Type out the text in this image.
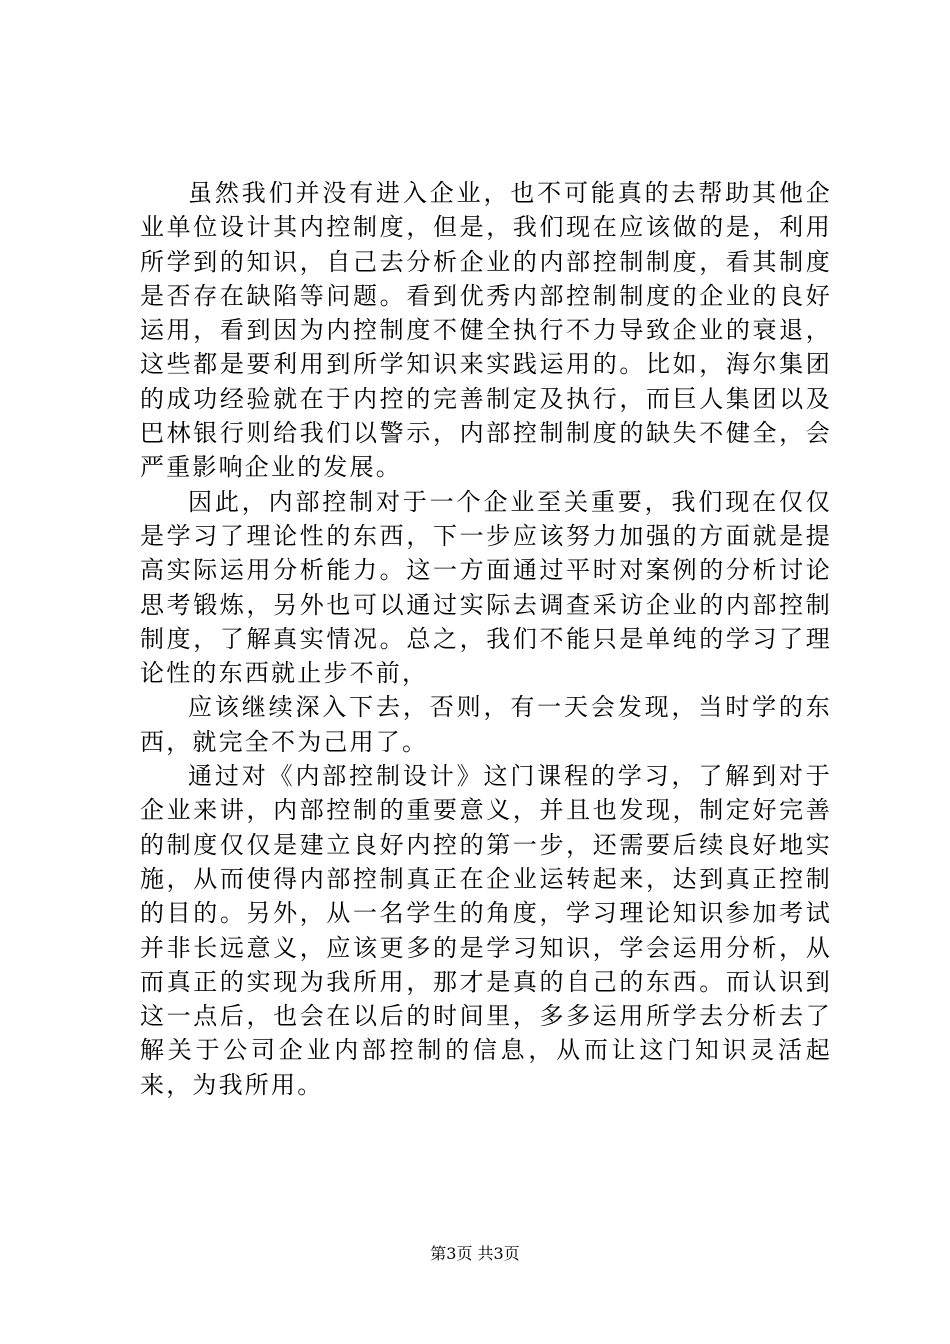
虽然我们并没有进入企业，也不可能真的去帮助其他企业单位设计其内控制度，但是，我们现在应该做的是，利用所学到的知识，自己去分析企业的内部控制制度，看其制度是否存在缺陷等问题。看到优秀内部控制制度的企业的良好运用，看到因为内控制度不健全执行不力导致企业的衰退，这些都是要利用到所学知识来实践运用的。比如，海尔集团的成功经验就在于内控的完善制定及执行，而巨人集团以及巴林银行则给我们以警示，内部控制制度的缺失不健全，会严重影响企业的发展。

因此，内部控制对于一个企业至关重要，我们现在仅仅是学习了理论性的东西，下一步应该努力加强的方面就是提高实际运用分析能力。这一方面通过平时对案例的分析讨论思考锻炼，另外也可以通过实际去调查采访企业的内部控制制度，了解真实情况。总之，我们不能只是单纯的学习了理论性的东西就止步不前，

应该继续深入下去，否则，有一天会发现，当时学的东西，就完全不为己用了。

通过对《内部控制设计》这门课程的学习，了解到对于企业来讲，内部控制的重要意义，并且也发现，制定好完善的制度仅仅是建立良好内控的第一步，还需要后续良好地实施，从而使得内部控制真正在企业运转起来，达到真正控制的目的。另外，从一名学生的角度，学习理论知识参加考试并非长远意义，应该更多的是学习知识，学会运用分析，从而真正的实现为我所用，那才是真的自己的东西。而认识到这一点后，也会在以后的时间里，多多运用所学去分析去了解关于公司企业内部控制的信息，从而让这门知识灵活起来，为我所用。

第3页 共3页
